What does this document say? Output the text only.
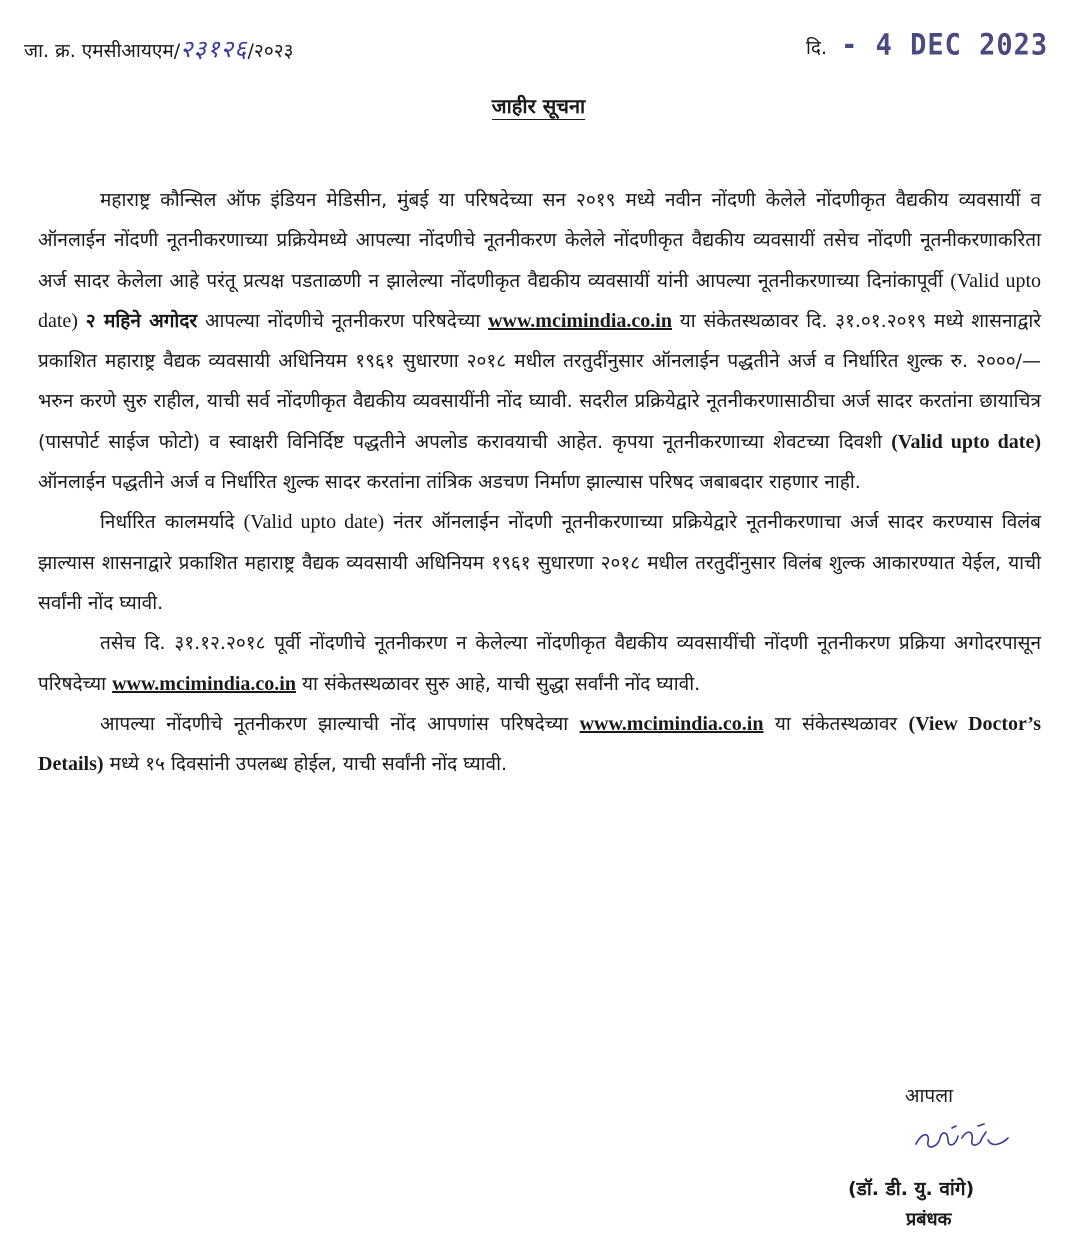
जा. क्र. एमसीआयएम/२३१२६/२०२३	दि. - 4 DEC 2023
जाहीर सूचना

महाराष्ट्र कौन्सिल ऑफ इंडियन मेडिसीन, मुंबई या परिषदेच्या सन २०१९ मध्ये नवीन नोंदणी केलेले नोंदणीकृत वैद्यकीय व्यवसायीं व ऑनलाईन नोंदणी नूतनीकरणाच्या प्रक्रियेमध्ये आपल्या नोंदणीचे नूतनीकरण केलेले नोंदणीकृत वैद्यकीय व्यवसायीं तसेच नोंदणी नूतनीकरणाकरिता अर्ज सादर केलेला आहे परंतू प्रत्यक्ष पडताळणी न झालेल्या नोंदणीकृत वैद्यकीय व्यवसायीं यांनी आपल्या नूतनीकरणाच्या दिनांकापूर्वी (Valid upto date) २ महिने अगोदर आपल्या नोंदणीचे नूतनीकरण परिषदेच्या www.mcimindia.co.in या संकेतस्थळावर दि. ३१.०१.२०१९ मध्ये शासनाद्वारे प्रकाशित महाराष्ट्र वैद्यक व्यवसायी अधिनियम १९६१ सुधारणा २०१८ मधील तरतुदींनुसार ऑनलाईन पद्धतीने अर्ज व निर्धारित शुल्क रु. २०००/— भरुन करणे सुरु राहील, याची सर्व नोंदणीकृत वैद्यकीय व्यवसायींनी नोंद घ्यावी. सदरील प्रक्रियेद्वारे नूतनीकरणासाठीचा अर्ज सादर करतांना छायाचित्र (पासपोर्ट साईज फोटो) व स्वाक्षरी विनिर्दिष्ट पद्धतीने अपलोड करावयाची आहेत. कृपया नूतनीकरणाच्या शेवटच्या दिवशी (Valid upto date) ऑनलाईन पद्धतीने अर्ज व निर्धारित शुल्क सादर करतांना तांत्रिक अडचण निर्माण झाल्यास परिषद जबाबदार राहणार नाही.

निर्धारित कालमर्यादे (Valid upto date) नंतर ऑनलाईन नोंदणी नूतनीकरणाच्या प्रक्रियेद्वारे नूतनीकरणाचा अर्ज सादर करण्यास विलंब झाल्यास शासनाद्वारे प्रकाशित महाराष्ट्र वैद्यक व्यवसायी अधिनियम १९६१ सुधारणा २०१८ मधील तरतुदींनुसार विलंब शुल्क आकारण्यात येईल, याची सर्वांनी नोंद घ्यावी.

तसेच दि. ३१.१२.२०१८ पूर्वी नोंदणीचे नूतनीकरण न केलेल्या नोंदणीकृत वैद्यकीय व्यवसायींची नोंदणी नूतनीकरण प्रक्रिया अगोदरपासून परिषदेच्या www.mcimindia.co.in या संकेतस्थळावर सुरु आहे, याची सुद्धा सर्वांनी नोंद घ्यावी.

आपल्या नोंदणीचे नूतनीकरण झाल्याची नोंद आपणांस परिषदेच्या www.mcimindia.co.in या संकेतस्थळावर (View Doctor’s Details) मध्ये १५ दिवसांनी उपलब्ध होईल, याची सर्वांनी नोंद घ्यावी.

आपला
(डॉ. डी. यु. वांगे)
प्रबंधक
